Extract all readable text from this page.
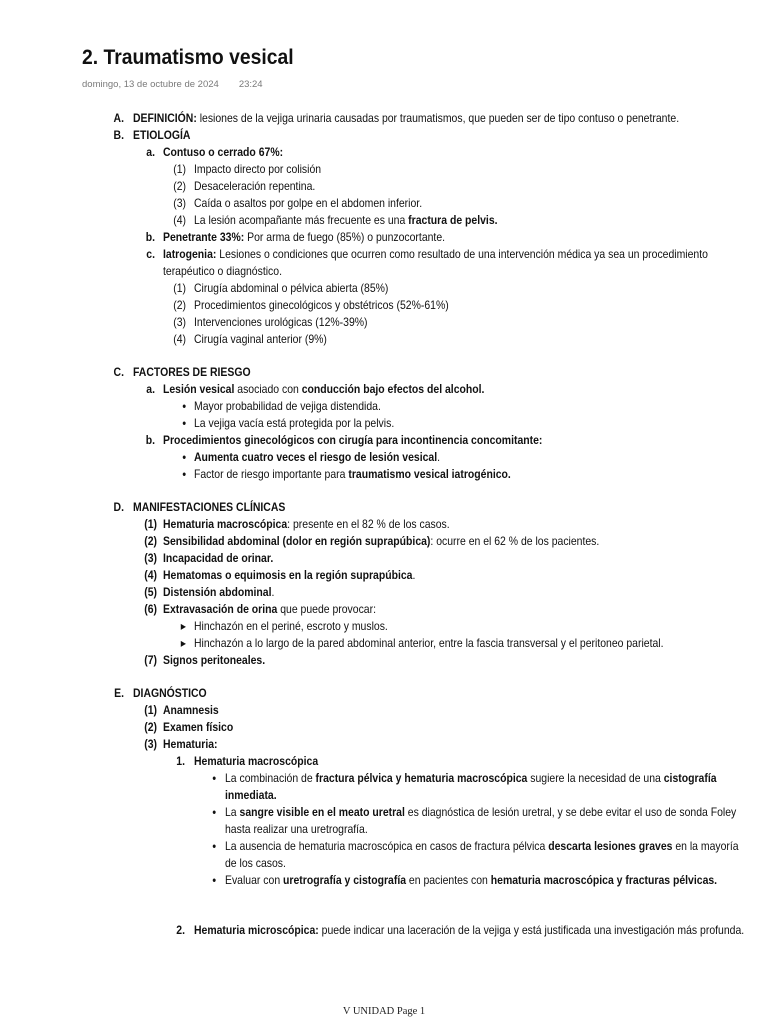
2. Traumatismo vesical
domingo, 13 de octubre de 2024 23:24
A. DEFINICIÓN: lesiones de la vejiga urinaria causadas por traumatismos, que pueden ser de tipo contuso o penetrante.
B. ETIOLOGÍA
a. Contuso o cerrado 67%:
(1) Impacto directo por colisión
(2) Desaceleración repentina.
(3) Caída o asaltos por golpe en el abdomen inferior.
(4) La lesión acompañante más frecuente es una fractura de pelvis.
b. Penetrante 33%: Por arma de fuego (85%) o punzocortante.
c. Iatrogenia: Lesiones o condiciones que ocurren como resultado de una intervención médica ya sea un procedimiento terapéutico o diagnóstico.
(1) Cirugía abdominal o pélvica abierta (85%)
(2) Procedimientos ginecológicos y obstétricos (52%-61%)
(3) Intervenciones urológicas (12%-39%)
(4) Cirugía vaginal anterior (9%)
C. FACTORES DE RIESGO
a. Lesión vesical asociado con conducción bajo efectos del alcohol.
• Mayor probabilidad de vejiga distendida.
• La vejiga vacía está protegida por la pelvis.
b. Procedimientos ginecológicos con cirugía para incontinencia concomitante:
• Aumenta cuatro veces el riesgo de lesión vesical.
• Factor de riesgo importante para traumatismo vesical iatrogénico.
D. MANIFESTACIONES CLÍNICAS
(1) Hematuria macroscópica: presente en el 82 % de los casos.
(2) Sensibilidad abdominal (dolor en región suprapúbica): ocurre en el 62 % de los pacientes.
(3) Incapacidad de orinar.
(4) Hematomas o equimosis en la región suprapúbica.
(5) Distensión abdominal.
(6) Extravasación de orina que puede provocar:
▸ Hinchazón en el periné, escroto y muslos.
▸ Hinchazón a lo largo de la pared abdominal anterior, entre la fascia transversal y el peritoneo parietal.
(7) Signos peritoneales.
E. DIAGNÓSTICO
(1) Anamnesis
(2) Examen físico
(3) Hematuria:
1. Hematuria macroscópica
• La combinación de fractura pélvica y hematuria macroscópica sugiere la necesidad de una cistografía inmediata.
• La sangre visible en el meato uretral es diagnóstica de lesión uretral, y se debe evitar el uso de sonda Foley hasta realizar una uretrografía.
• La ausencia de hematuria macroscópica en casos de fractura pélvica descarta lesiones graves en la mayoría de los casos.
• Evaluar con uretrografía y cistografía en pacientes con hematuria macroscópica y fracturas pélvicas.
2. Hematuria microscópica: puede indicar una laceración de la vejiga y está justificada una investigación más profunda.
V UNIDAD Page 1
